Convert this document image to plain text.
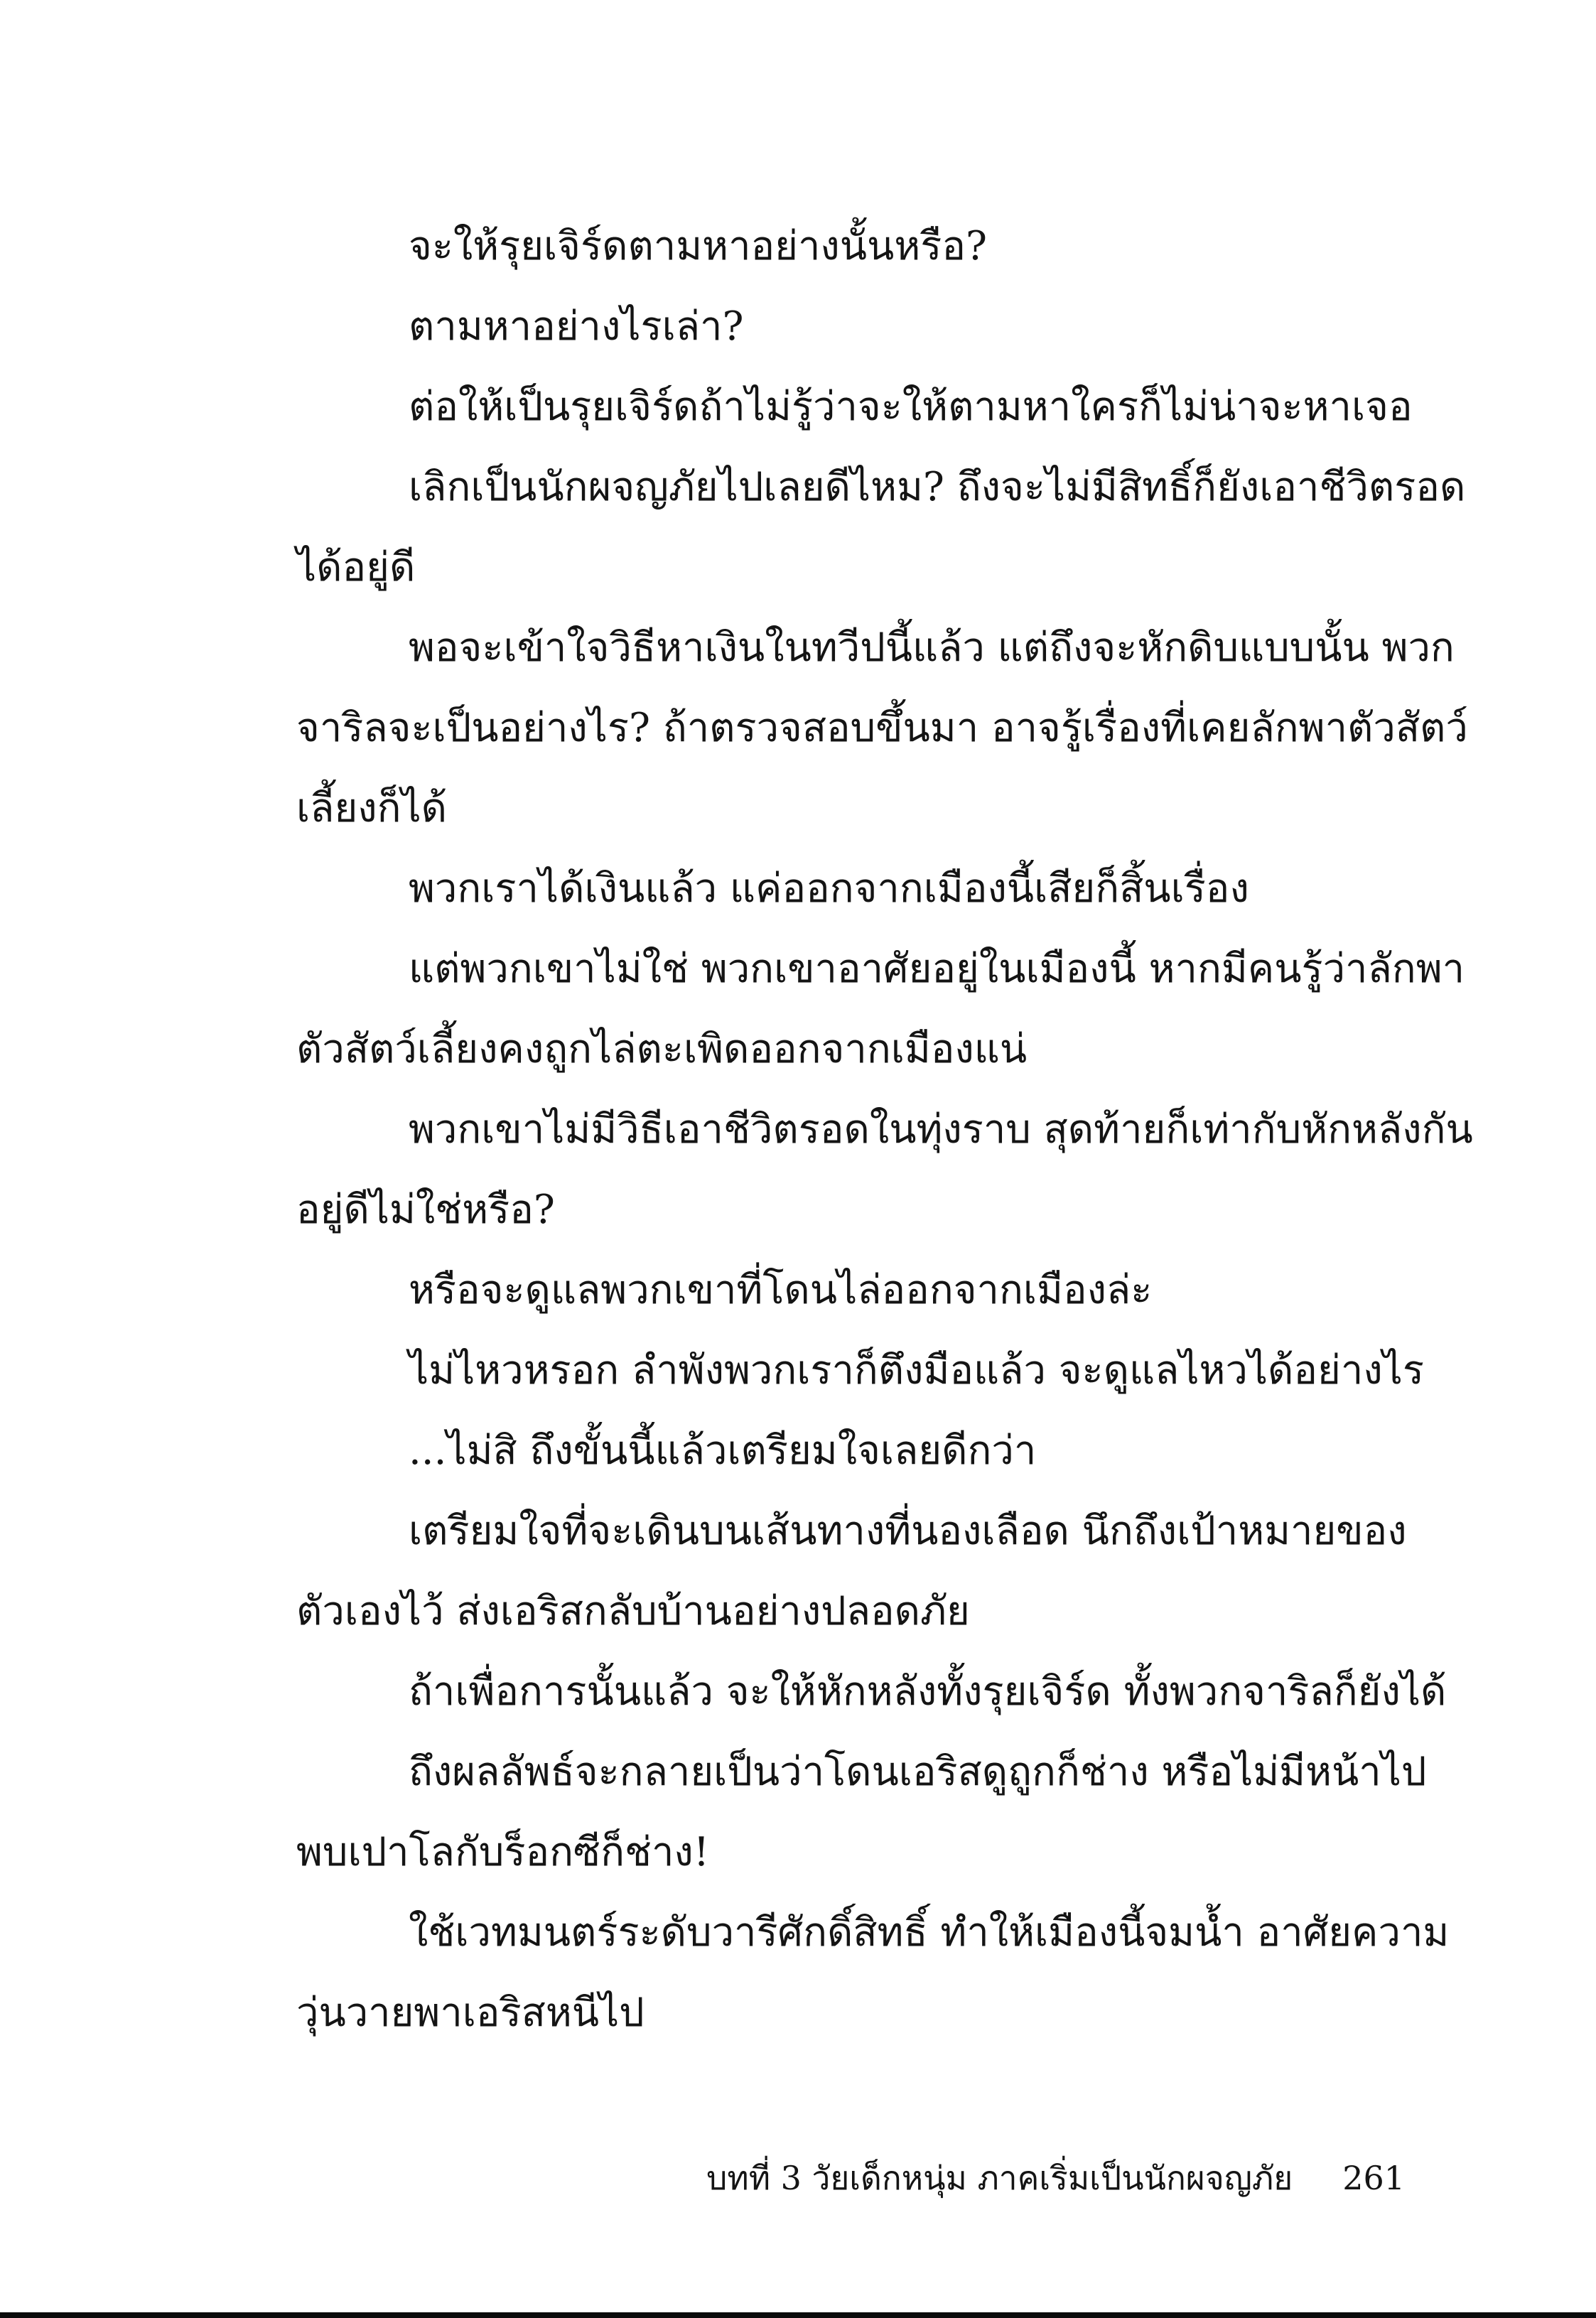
จะให้รุยเจิร์ดตามหาอย่างนั้นหรือ?
ตามหาอย่างไรเล่า?
ต่อให้เป็นรุยเจิร์ดถ้าไม่รู้ว่าจะให้ตามหาใครก็ไม่น่าจะหาเจอ
เลิกเป็นนักผจญภัยไปเลยดีไหม? ถึงจะไม่มีสิทธิ์ก็ยังเอาชีวิตรอด
ได้อยู่ดี
พอจะเข้าใจวิธีหาเงินในทวีปนี้แล้ว แต่ถึงจะหักดิบแบบนั้น พวก
จาริลจะเป็นอย่างไร? ถ้าตรวจสอบขึ้นมา อาจรู้เรื่องที่เคยลักพาตัวสัตว์
เลี้ยงก็ได้
พวกเราได้เงินแล้ว แค่ออกจากเมืองนี้เสียก็สิ้นเรื่อง
แต่พวกเขาไม่ใช่ พวกเขาอาศัยอยู่ในเมืองนี้ หากมีคนรู้ว่าลักพา
ตัวสัตว์เลี้ยงคงถูกไล่ตะเพิดออกจากเมืองแน่
พวกเขาไม่มีวิธีเอาชีวิตรอดในทุ่งราบ สุดท้ายก็เท่ากับหักหลังกัน
อยู่ดีไม่ใช่หรือ?
หรือจะดูแลพวกเขาที่โดนไล่ออกจากเมืองล่ะ
ไม่ไหวหรอก ลำพังพวกเราก็ตึงมือแล้ว จะดูแลไหวได้อย่างไร
...ไม่สิ ถึงขั้นนี้แล้วเตรียมใจเลยดีกว่า
เตรียมใจที่จะเดินบนเส้นทางที่นองเลือด นึกถึงเป้าหมายของ
ตัวเองไว้ ส่งเอริสกลับบ้านอย่างปลอดภัย
ถ้าเพื่อการนั้นแล้ว จะให้หักหลังทั้งรุยเจิร์ด ทั้งพวกจาริลก็ยังได้
ถึงผลลัพธ์จะกลายเป็นว่าโดนเอริสดูถูกก็ช่าง หรือไม่มีหน้าไป
พบเปาโลกับร็อกซีก็ช่าง!
ใช้เวทมนตร์ระดับวารีศักดิ์สิทธิ์ ทำให้เมืองนี้จมน้ำ อาศัยความ
วุ่นวายพาเอริสหนีไป
บทที่ 3 วัยเด็กหนุ่ม ภาคเริ่มเป็นนักผจญภัย 261
